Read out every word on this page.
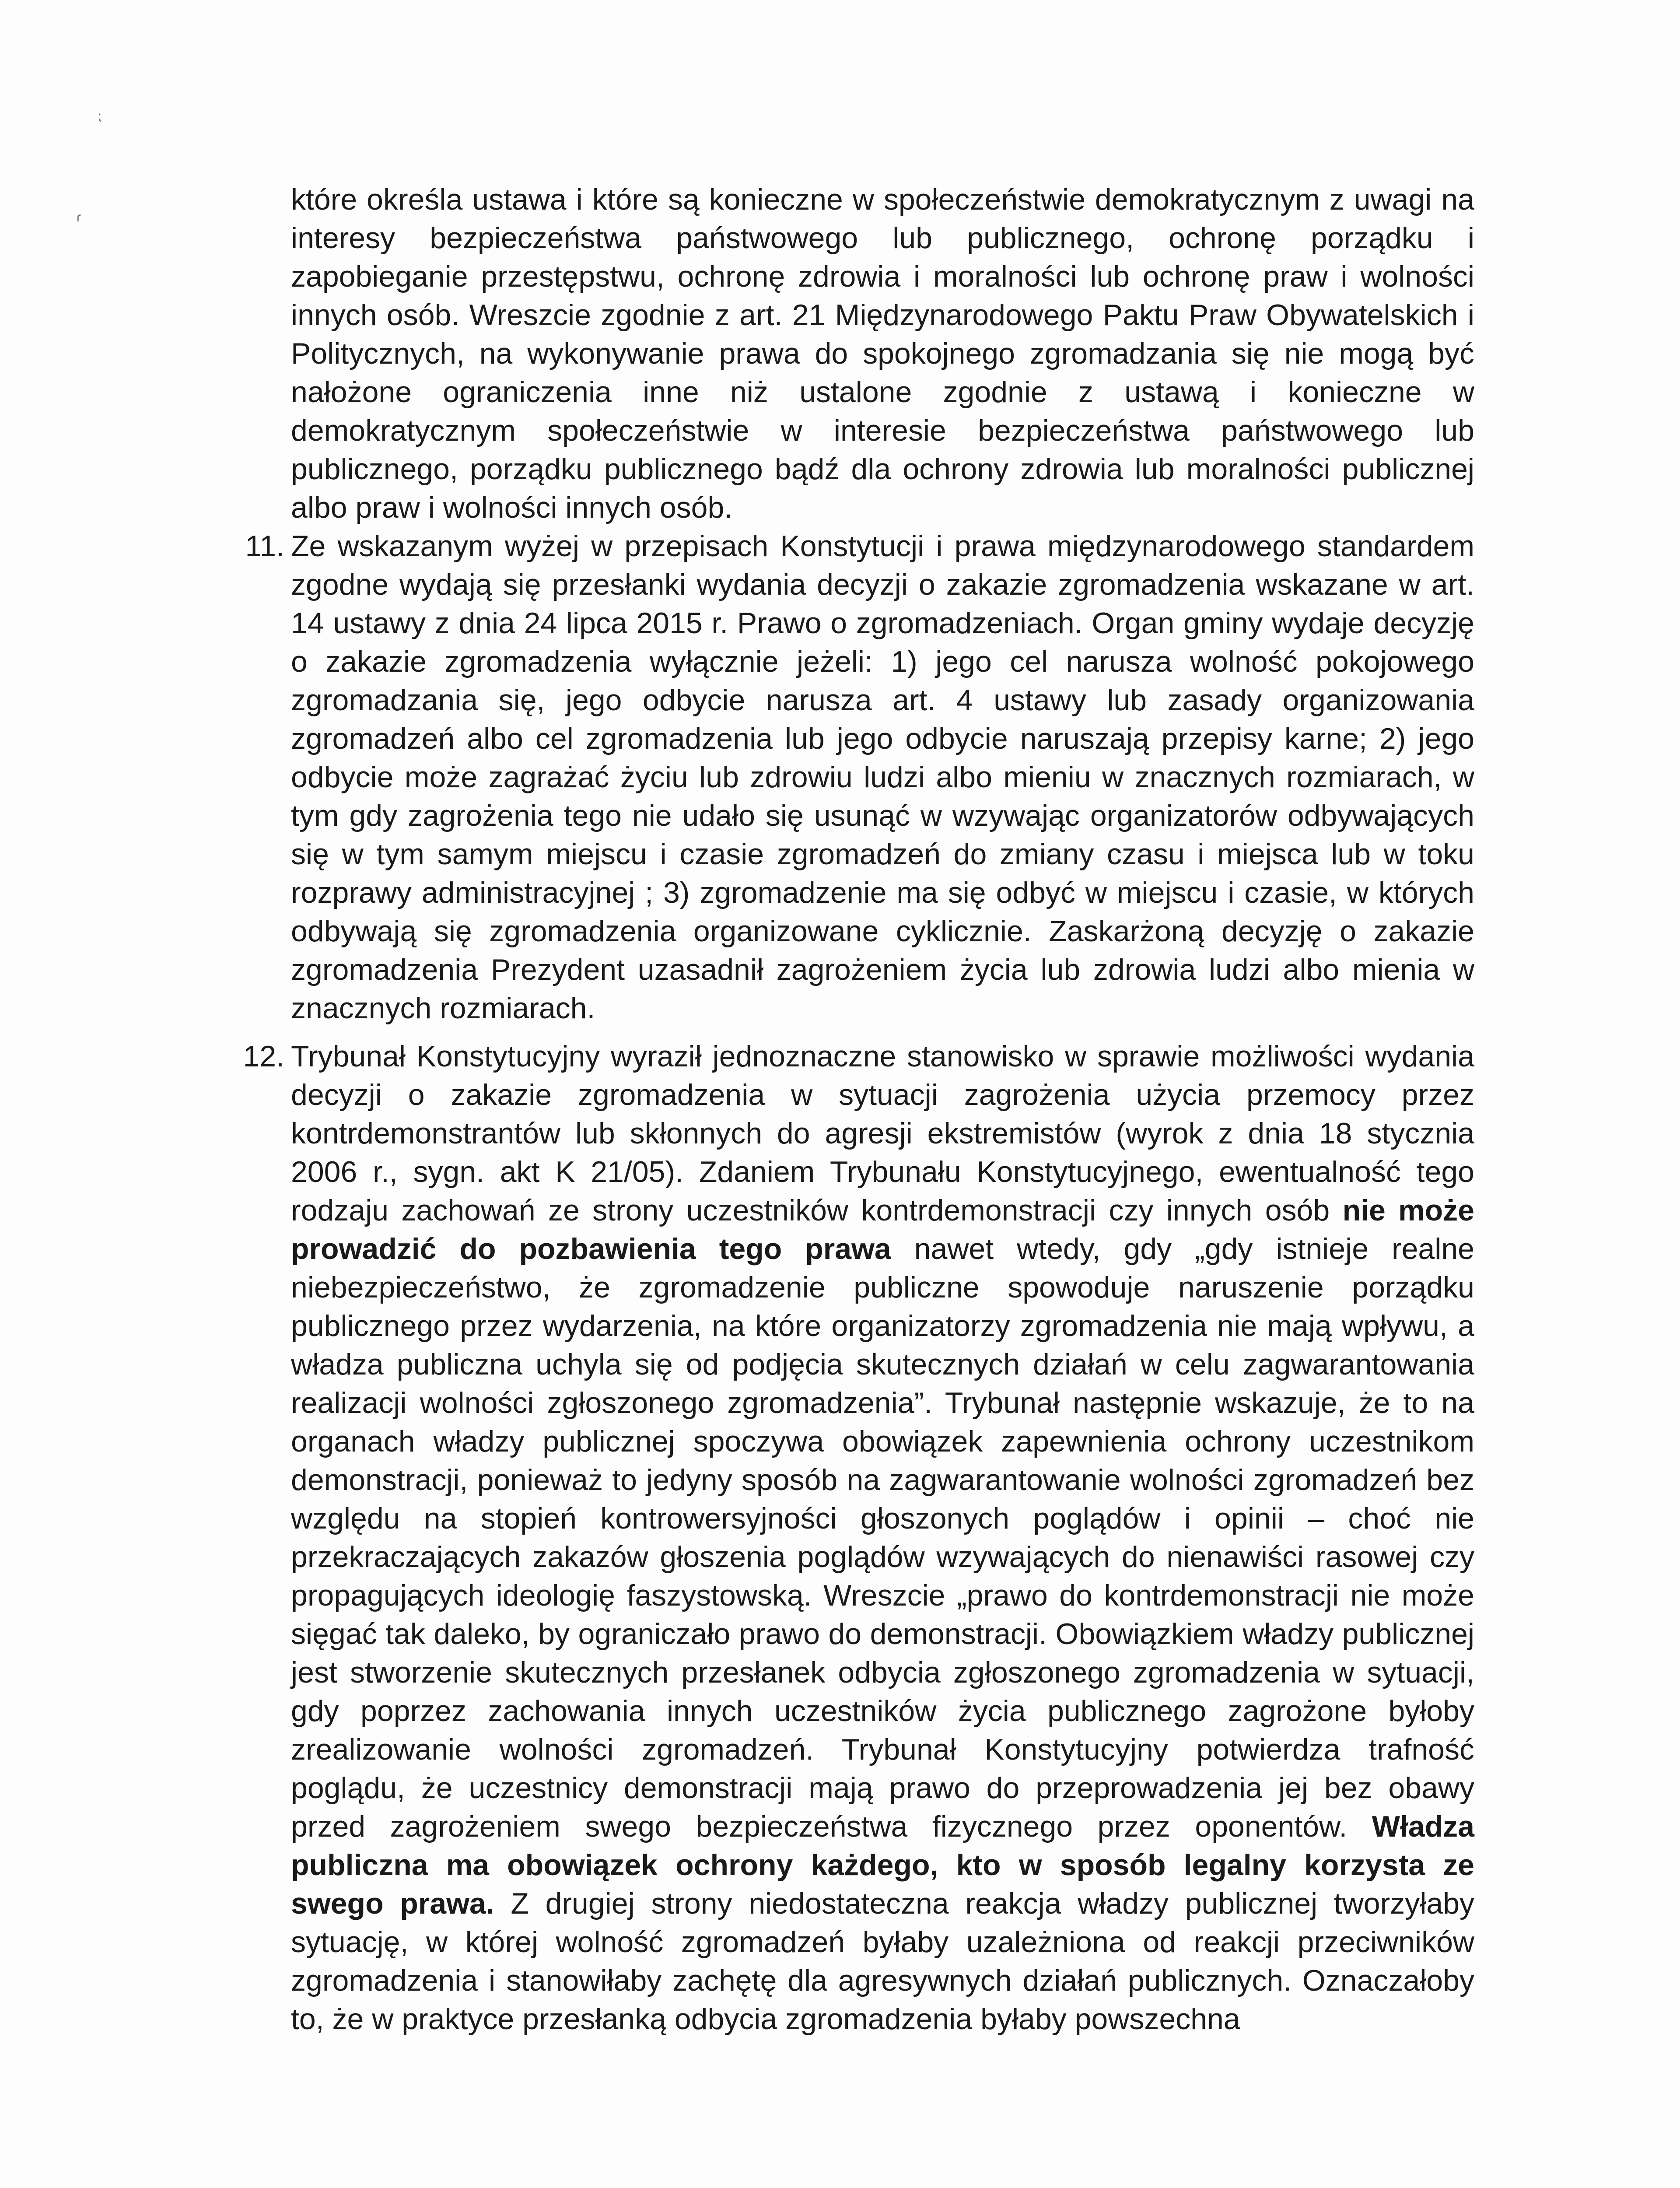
⁏
ɾ

które określa ustawa i które są konieczne w społeczeństwie demokratycznym z uwagi na interesy bezpieczeństwa państwowego lub publicznego, ochronę porządku i zapobieganie przestępstwu, ochronę zdrowia i moralności lub ochronę praw i wolności innych osób. Wreszcie zgodnie z art. 21 Międzynarodowego Paktu Praw Obywatelskich i Politycznych, na wykonywanie prawa do spokojnego zgromadzania się nie mogą być nałożone ograniczenia inne niż ustalone zgodnie z ustawą i konieczne w demokratycznym społeczeństwie w interesie bezpieczeństwa państwowego lub publicznego, porządku publicznego bądź dla ochrony zdrowia lub moralności publicznej albo praw i wolności innych osób.

11. Ze wskazanym wyżej w przepisach Konstytucji i prawa międzynarodowego standardem zgodne wydają się przesłanki wydania decyzji o zakazie zgromadzenia wskazane w art. 14 ustawy z dnia 24 lipca 2015 r. Prawo o zgromadzeniach. Organ gminy wydaje decyzję o zakazie zgromadzenia wyłącznie jeżeli: 1) jego cel narusza wolność pokojowego zgromadzania się, jego odbycie narusza art. 4 ustawy lub zasady organizowania zgromadzeń albo cel zgromadzenia lub jego odbycie naruszają przepisy karne; 2) jego odbycie może zagrażać życiu lub zdrowiu ludzi albo mieniu w znacznych rozmiarach, w tym gdy zagrożenia tego nie udało się usunąć w wzywając organizatorów odbywających się w tym samym miejscu i czasie zgromadzeń do zmiany czasu i miejsca lub w toku rozprawy administracyjnej ; 3) zgromadzenie ma się odbyć w miejscu i czasie, w których odbywają się zgromadzenia organizowane cyklicznie. Zaskarżoną decyzję o zakazie zgromadzenia Prezydent uzasadnił zagrożeniem życia lub zdrowia ludzi albo mienia w znacznych rozmiarach.

12. Trybunał Konstytucyjny wyraził jednoznaczne stanowisko w sprawie możliwości wydania decyzji o zakazie zgromadzenia w sytuacji zagrożenia użycia przemocy przez kontrdemonstrantów lub skłonnych do agresji ekstremistów (wyrok z dnia 18 stycznia 2006 r., sygn. akt K 21/05). Zdaniem Trybunału Konstytucyjnego, ewentualność tego rodzaju zachowań ze strony uczestników kontrdemonstracji czy innych osób nie może prowadzić do pozbawienia tego prawa nawet wtedy, gdy „gdy istnieje realne niebezpieczeństwo, że zgromadzenie publiczne spowoduje naruszenie porządku publicznego przez wydarzenia, na które organizatorzy zgromadzenia nie mają wpływu, a władza publiczna uchyla się od podjęcia skutecznych działań w celu zagwarantowania realizacji wolności zgłoszonego zgromadzenia”. Trybunał następnie wskazuje, że to na organach władzy publicznej spoczywa obowiązek zapewnienia ochrony uczestnikom demonstracji, ponieważ to jedyny sposób na zagwarantowanie wolności zgromadzeń bez względu na stopień kontrowersyjności głoszonych poglądów i opinii – choć nie przekraczających zakazów głoszenia poglądów wzywających do nienawiści rasowej czy propagujących ideologię faszystowską. Wreszcie „prawo do kontrdemonstracji nie może sięgać tak daleko, by ograniczało prawo do demonstracji. Obowiązkiem władzy publicznej jest stworzenie skutecznych przesłanek odbycia zgłoszonego zgromadzenia w sytuacji, gdy poprzez zachowania innych uczestników życia publicznego zagrożone byłoby zrealizowanie wolności zgromadzeń. Trybunał Konstytucyjny potwierdza trafność poglądu, że uczestnicy demonstracji mają prawo do przeprowadzenia jej bez obawy przed zagrożeniem swego bezpieczeństwa fizycznego przez oponentów. Władza publiczna ma obowiązek ochrony każdego, kto w sposób legalny korzysta ze swego prawa. Z drugiej strony niedostateczna reakcja władzy publicznej tworzyłaby sytuację, w której wolność zgromadzeń byłaby uzależniona od reakcji przeciwników zgromadzenia i stanowiłaby zachętę dla agresywnych działań publicznych. Oznaczałoby to, że w praktyce przesłanką odbycia zgromadzenia byłaby powszechna
